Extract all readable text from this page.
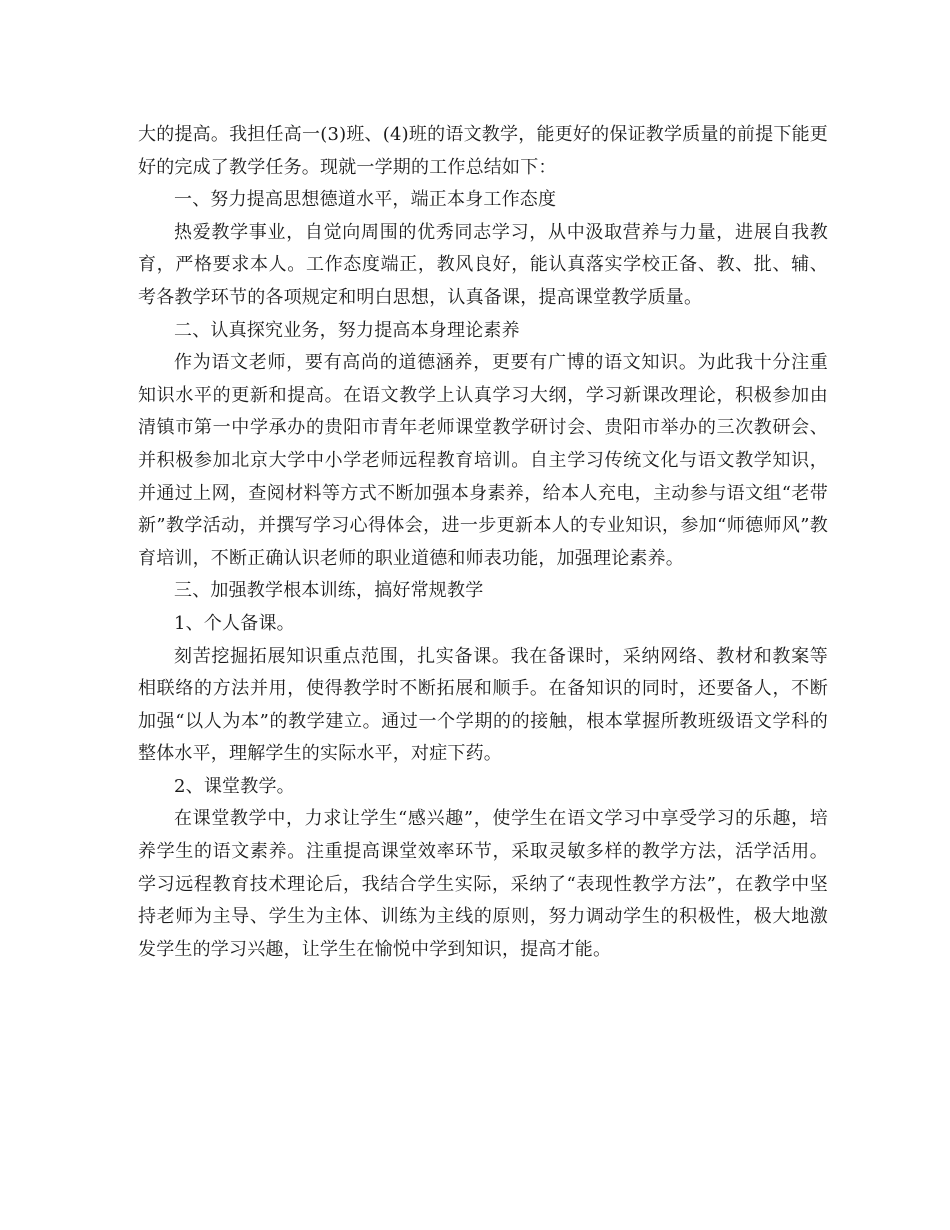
大的提高。我担任高一(3)班、(4)班的语文教学，能更好的保证教学质量的前提下能更好的完成了教学任务。现就一学期的工作总结如下：

一、努力提高思想德道水平，端正本身工作态度

热爱教学事业，自觉向周围的优秀同志学习，从中汲取营养与力量，进展自我教育，严格要求本人。工作态度端正，教风良好，能认真落实学校正备、教、批、辅、考各教学环节的各项规定和明白思想，认真备课，提高课堂教学质量。

二、认真探究业务，努力提高本身理论素养

作为语文老师，要有高尚的道德涵养，更要有广博的语文知识。为此我十分注重知识水平的更新和提高。在语文教学上认真学习大纲，学习新课改理论，积极参加由清镇市第一中学承办的贵阳市青年老师课堂教学研讨会、贵阳市举办的三次教研会、并积极参加北京大学中小学老师远程教育培训。自主学习传统文化与语文教学知识，并通过上网，查阅材料等方式不断加强本身素养，给本人充电，主动参与语文组“老带新”教学活动，并撰写学习心得体会，进一步更新本人的专业知识，参加“师德师风”教育培训，不断正确认识老师的职业道德和师表功能，加强理论素养。

三、加强教学根本训练，搞好常规教学

1、个人备课。

刻苦挖掘拓展知识重点范围，扎实备课。我在备课时，采纳网络、教材和教案等相联络的方法并用，使得教学时不断拓展和顺手。在备知识的同时，还要备人，不断加强“以人为本”的教学建立。通过一个学期的的接触，根本掌握所教班级语文学科的整体水平，理解学生的实际水平，对症下药。

2、课堂教学。

在课堂教学中，力求让学生“感兴趣”，使学生在语文学习中享受学习的乐趣，培养学生的语文素养。注重提高课堂效率环节，采取灵敏多样的教学方法，活学活用。学习远程教育技术理论后，我结合学生实际，采纳了“表现性教学方法”，在教学中坚持老师为主导、学生为主体、训练为主线的原则，努力调动学生的积极性，极大地激发学生的学习兴趣，让学生在愉悦中学到知识，提高才能。
